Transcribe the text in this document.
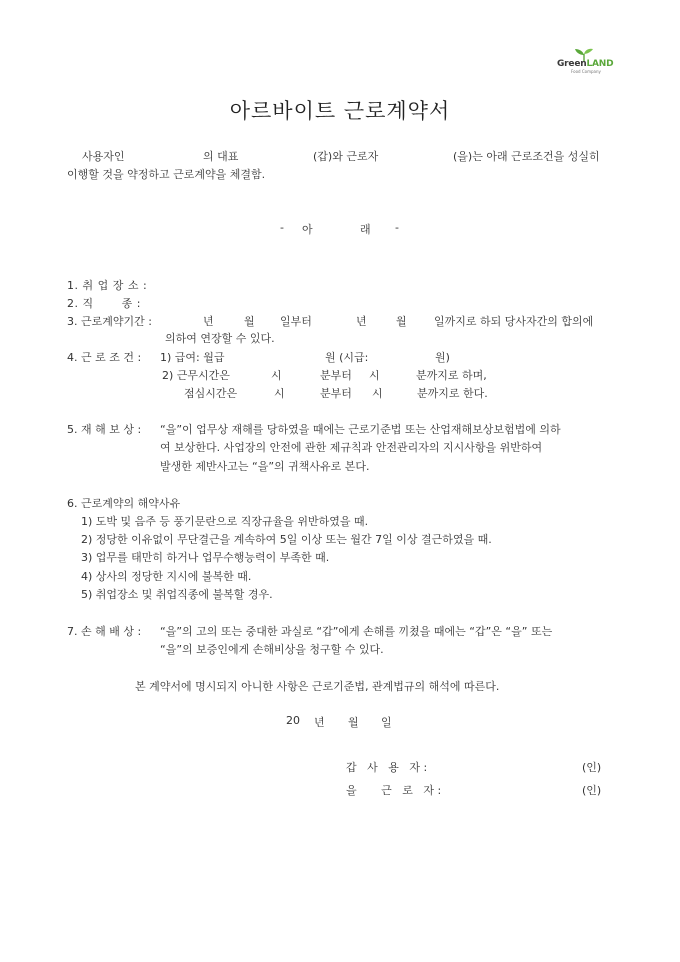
GreenLAND
Food Company
아르바이트 근로계약서
사용자인	의 대표	(갑)와 근로자	(을)는 아래 근로조건을 성실히
이행할 것을 약정하고 근로계약을 체결함.
- 아	래 -
1. 취 업 장 소 :
2. 직       종 :
3. 근로계약기간 :	년	월 일부터	년	월 일까지로 하되 당사자간의 합의에
의하여 연장할 수 있다.
4. 근 로 조 건 : 1) 급여: 월급	원 (시급:	원)
2) 근무시간은	시	분부터 시	분까지로 하며,
점심시간은	시	분부터 시	분까지로 한다.
5. 재 해 보 상 : “을”이 업무상 재해를 당하였을 때에는 근로기준법 또는 산업재해보상보험법에 의하
여 보상한다. 사업장의 안전에 관한 제규칙과 안전관리자의 지시사항을 위반하여
발생한 제반사고는 “을”의 귀책사유로 본다.
6. 근로계약의 해약사유
1) 도박 및 음주 등 풍기문란으로 직장규율을 위반하였을 때.
2) 정당한 이유없이 무단결근을 계속하여 5일 이상 또는 월간 7일 이상 결근하였을 때.
3) 업무를 태만히 하거나 업무수행능력이 부족한 때.
4) 상사의 정당한 지시에 불복한 때.
5) 취업장소 및 취업직종에 불복할 경우.
7. 손 해 배 상 : “을”의 고의 또는 중대한 과실로 “갑”에게 손해를 끼쳤을 때에는 “갑”은 “을” 또는
“을”의 보증인에게 손해비상을 청구할 수 있다.
본 계약서에 명시되지 아니한 사항은 근로기준법, 관계법규의 해석에 따른다.
20 년 월 일
갑   사   용   자 :	(인)
을       근   로   자 :	(인)
